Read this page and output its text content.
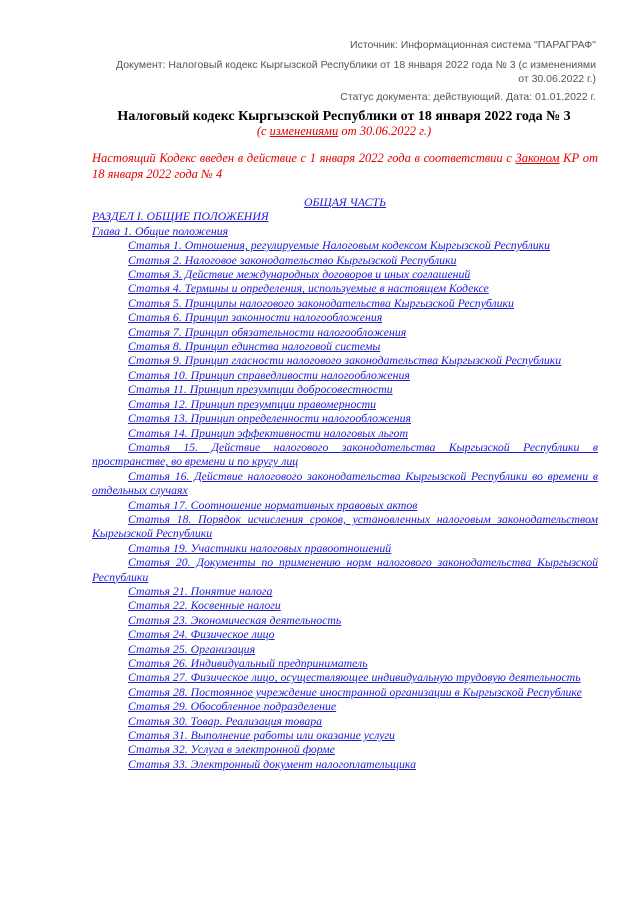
Источник: Информационная система "ПАРАГРАФ"
Документ: Налоговый кодекс Кыргызской Республики от 18 января 2022 года № 3 (с изменениями
от 30.06.2022 г.)
Статус документа: действующий. Дата: 01.01.2022 г.
Налоговый кодекс Кыргызской Республики от 18 января 2022 года № 3
(с изменениями от 30.06.2022 г.)
Настоящий Кодекс введен в действие с 1 января 2022 года в соответствии с Законом КР от 18 января 2022 года № 4
ОБЩАЯ ЧАСТЬ
РАЗДЕЛ I. ОБЩИЕ ПОЛОЖЕНИЯ
Глава 1. Общие положения
Статья 1. Отношения, регулируемые Налоговым кодексом Кыргызской Республики
Статья 2. Налоговое законодательство Кыргызской Республики
Статья 3. Действие международных договоров и иных соглашений
Статья 4. Термины и определения, используемые в настоящем Кодексе
Статья 5. Принципы налогового законодательства Кыргызской Республики
Статья 6. Принцип законности налогообложения
Статья 7. Принцип обязательности налогообложения
Статья 8. Принцип единства налоговой системы
Статья 9. Принцип гласности налогового законодательства Кыргызской Республики
Статья 10. Принцип справедливости налогообложения
Статья 11. Принцип презумпции добросовестности
Статья 12. Принцип презумпции правомерности
Статья 13. Принцип определенности налогообложения
Статья 14. Принцип эффективности налоговых льгот
Статья 15. Действие налогового законодательства Кыргызской Республики в пространстве, во времени и по кругу лиц
Статья 16. Действие налогового законодательства Кыргызской Республики во времени в отдельных случаях
Статья 17. Соотношение нормативных правовых актов
Статья 18. Порядок исчисления сроков, установленных налоговым законодательством Кыргызской Республики
Статья 19. Участники налоговых правоотношений
Статья 20. Документы по применению норм налогового законодательства Кыргызской Республики
Статья 21. Понятие налога
Статья 22. Косвенные налоги
Статья 23. Экономическая деятельность
Статья 24. Физическое лицо
Статья 25. Организация
Статья 26. Индивидуальный предприниматель
Статья 27. Физическое лицо, осуществляющее индивидуальную трудовую деятельность
Статья 28. Постоянное учреждение иностранной организации в Кыргызской Республике
Статья 29. Обособленное подразделение
Статья 30. Товар. Реализация товара
Статья 31. Выполнение работы или оказание услуги
Статья 32. Услуга в электронной форме
Статья 33. Электронный документ налогоплательщика
